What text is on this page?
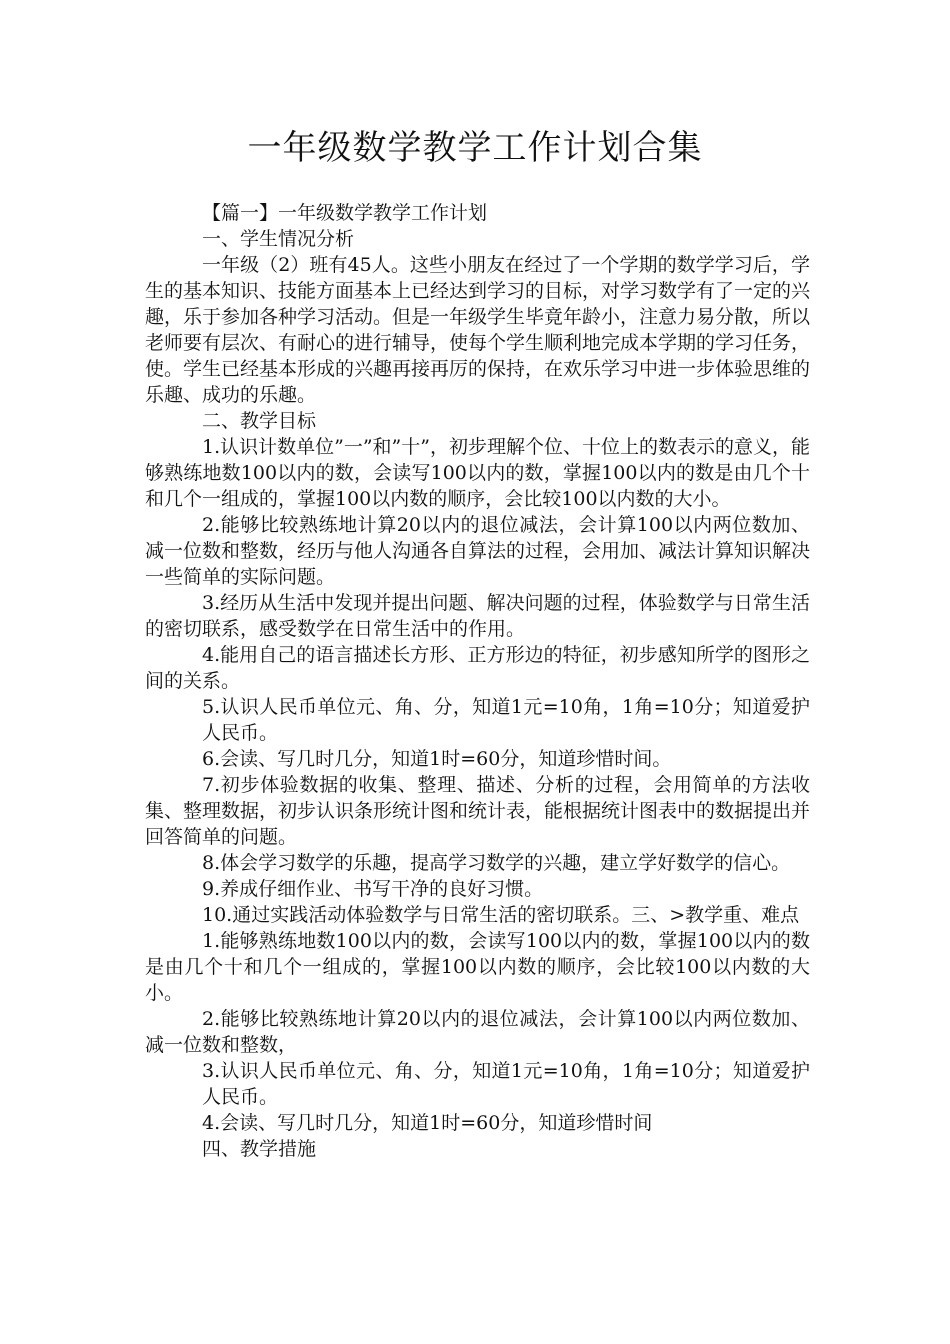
一年级数学教学工作计划合集

【篇一】一年级数学教学工作计划

一、学生情况分析

一年级（2）班有45人。这些小朋友在经过了一个学期的数学学习后，学生的基本知识、技能方面基本上已经达到学习的目标，对学习数学有了一定的兴趣，乐于参加各种学习活动。但是一年级学生毕竟年龄小，注意力易分散，所以老师要有层次、有耐心的进行辅导，使每个学生顺利地完成本学期的学习任务，使。学生已经基本形成的兴趣再接再厉的保持，在欢乐学习中进一步体验思维的乐趣、成功的乐趣。

二、教学目标

1.认识计数单位”一”和”十”，初步理解个位、十位上的数表示的意义，能够熟练地数100以内的数，会读写100以内的数，掌握100以内的数是由几个十和几个一组成的，掌握100以内数的顺序，会比较100以内数的大小。

2.能够比较熟练地计算20以内的退位减法，会计算100以内两位数加、减一位数和整数，经历与他人沟通各自算法的过程，会用加、减法计算知识解决一些简单的实际问题。

3.经历从生活中发现并提出问题、解决问题的过程，体验数学与日常生活的密切联系，感受数学在日常生活中的作用。

4.能用自己的语言描述长方形、正方形边的特征，初步感知所学的图形之间的关系。

5.认识人民币单位元、角、分，知道1元=10角，1角=10分；知道爱护人民币。

6.会读、写几时几分，知道1时=60分，知道珍惜时间。

7.初步体验数据的收集、整理、描述、分析的过程，会用简单的方法收集、整理数据，初步认识条形统计图和统计表，能根据统计图表中的数据提出并回答简单的问题。

8.体会学习数学的乐趣，提高学习数学的兴趣，建立学好数学的信心。

9.养成仔细作业、书写干净的良好习惯。

10.通过实践活动体验数学与日常生活的密切联系。三、>教学重、难点

1.能够熟练地数100以内的数，会读写100以内的数，掌握100以内的数是由几个十和几个一组成的，掌握100以内数的顺序，会比较100以内数的大小。

2.能够比较熟练地计算20以内的退位减法，会计算100以内两位数加、减一位数和整数，

3.认识人民币单位元、角、分，知道1元=10角，1角=10分；知道爱护人民币。

4.会读、写几时几分，知道1时=60分，知道珍惜时间

四、教学措施
